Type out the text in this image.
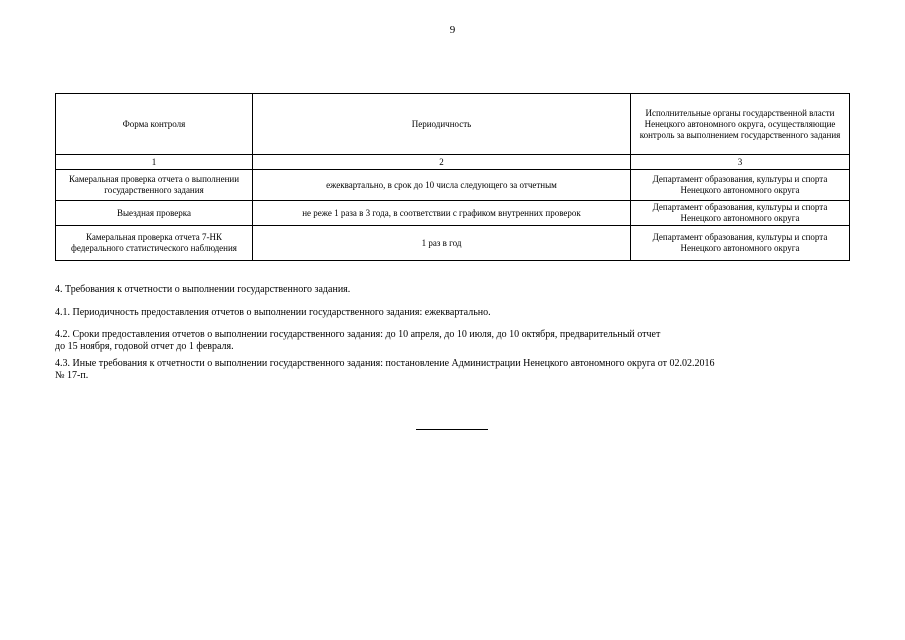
9
Форма контроля	Периодичность	Исполнительные органы государственной власти Ненецкого автономного округа, осуществляющие контроль за выполнением государственного задания
1	2	3
Камеральная проверка отчета о выполнении государственного задания	ежеквартально, в срок до 10 числа следующего за отчетным	Департамент образования, культуры и спорта Ненецкого автономного округа
Выездная проверка	не реже 1 раза в 3 года, в соответствии с графиком внутренних проверок	Департамент образования, культуры и спорта Ненецкого автономного округа
Камеральная проверка отчета 7-НК федерального статистического наблюдения	1 раз в год	Департамент образования, культуры и спорта Ненецкого автономного округа
4. Требования к отчетности о выполнении государственного задания.
4.1. Периодичность предоставления отчетов о выполнении государственного задания: ежеквартально.
4.2. Сроки предоставления отчетов о выполнении государственного задания: до 10 апреля, до 10 июля, до 10 октября, предварительный отчет
до 15 ноября, годовой отчет до 1 февраля.
4.3. Иные требования к отчетности о выполнении государственного задания: постановление Администрации Ненецкого автономного округа от 02.02.2016
№ 17-п.
